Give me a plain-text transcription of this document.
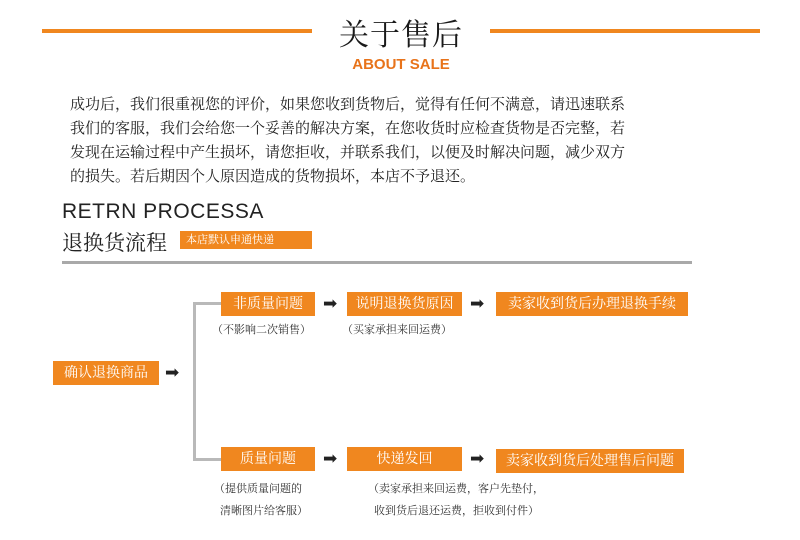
关于售后
ABOUT SALE
成功后，我们很重视您的评价，如果您收到货物后，觉得有任何不满意，请迅速联系
我们的客服，我们会给您一个妥善的解决方案，在您收货时应检查货物是否完整，若
发现在运输过程中产生损坏，请您拒收，并联系我们，以便及时解决问题，减少双方
的损失。若后期因个人原因造成的货物损坏，本店不予退还。
RETRN PROCESSA
退换货流程	本店默认申通快递
确认退换商品	➡
非质量问题	➡	说明退换货原因 ➡	卖家收到货后办理退换手续
（不影响二次销售）	（买家承担来回运费）
质量问题	➡	快递发回	➡	卖家收到货后处理售后问题
（提供质量问题的
清晰图片给客服）
（卖家承担来回运费，客户先垫付，
收到货后退还运费，拒收到付件）
